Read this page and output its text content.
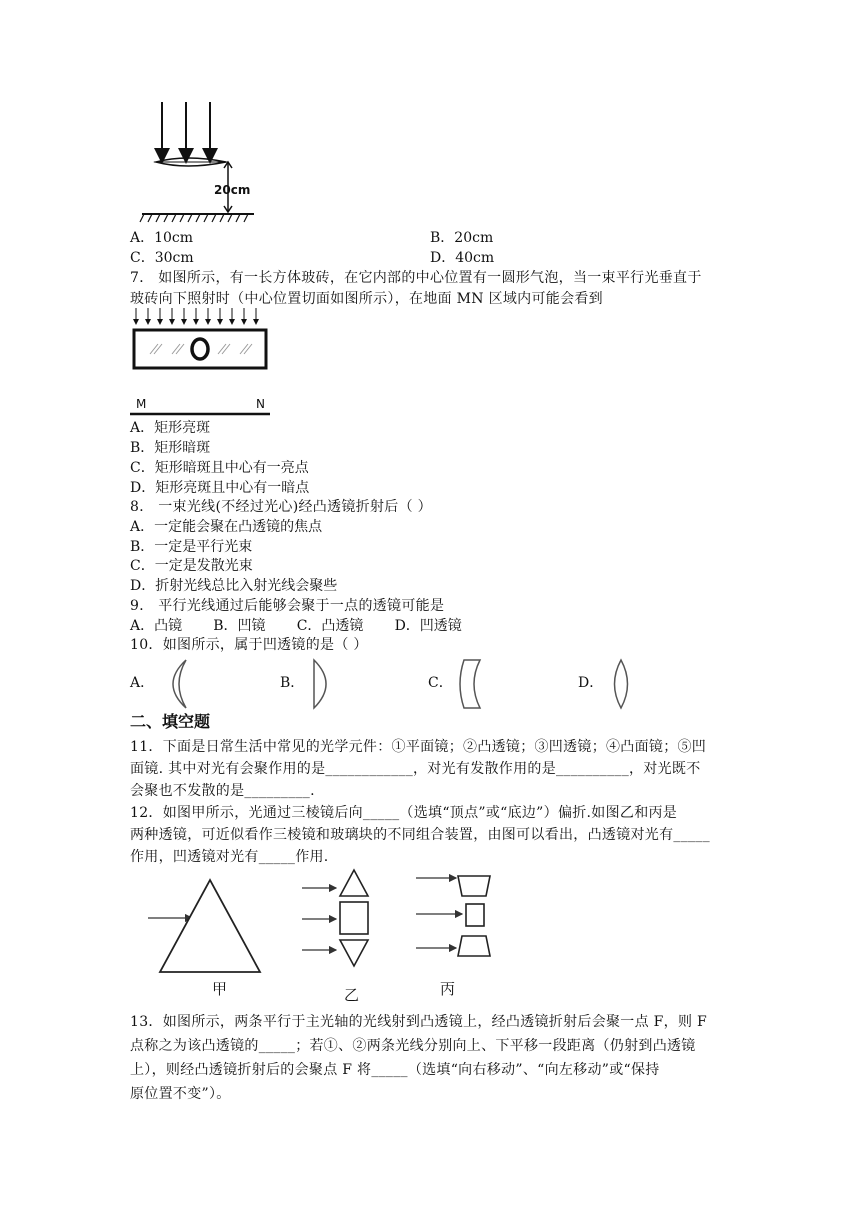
20cm
A．10cm	B．20cm
C．30cm	D．40cm
7． 如图所示，有一长方体玻砖，在它内部的中心位置有一圆形气泡，当一束平行光垂直于
玻砖向下照射时（中心位置切面如图所示），在地面 MN 区域内可能会看到
M	N
A．矩形亮斑
B．矩形暗斑
C．矩形暗斑且中心有一亮点
D．矩形亮斑且中心有一暗点
8． 一束光线(不经过光心)经凸透镜折射后（ ）
A．一定能会聚在凸透镜的焦点
B．一定是平行光束
C．一定是发散光束
D．折射光线总比入射光线会聚些
9． 平行光线通过后能够会聚于一点的透镜可能是
A．凸镜       B．凹镜       C．凸透镜       D．凹透镜
10．如图所示，属于凹透镜的是（ ）
A．	B．	C．	D．
二、填空题
11．下面是日常生活中常见的光学元件：①平面镜；②凸透镜；③凹透镜；④凸面镜；⑤凹
面镜. 其中对光有会聚作用的是____________，对光有发散作用的是__________，对光既不
会聚也不发散的是_________.
12．如图甲所示，光通过三棱镜后向_____（选填“顶点”或“底边”）偏折.如图乙和丙是
两种透镜，可近似看作三棱镜和玻璃块的不同组合装置，由图可以看出，凸透镜对光有_____
作用，凹透镜对光有_____作用.
甲	乙	丙
13．如图所示，两条平行于主光轴的光线射到凸透镜上，经凸透镜折射后会聚一点 F，则 F
点称之为该凸透镜的_____；若①、②两条光线分别向上、下平移一段距离（仍射到凸透镜
上），则经凸透镜折射后的会聚点 F 将_____（选填“向右移动”、“向左移动”或“保持
原位置不变”）。
